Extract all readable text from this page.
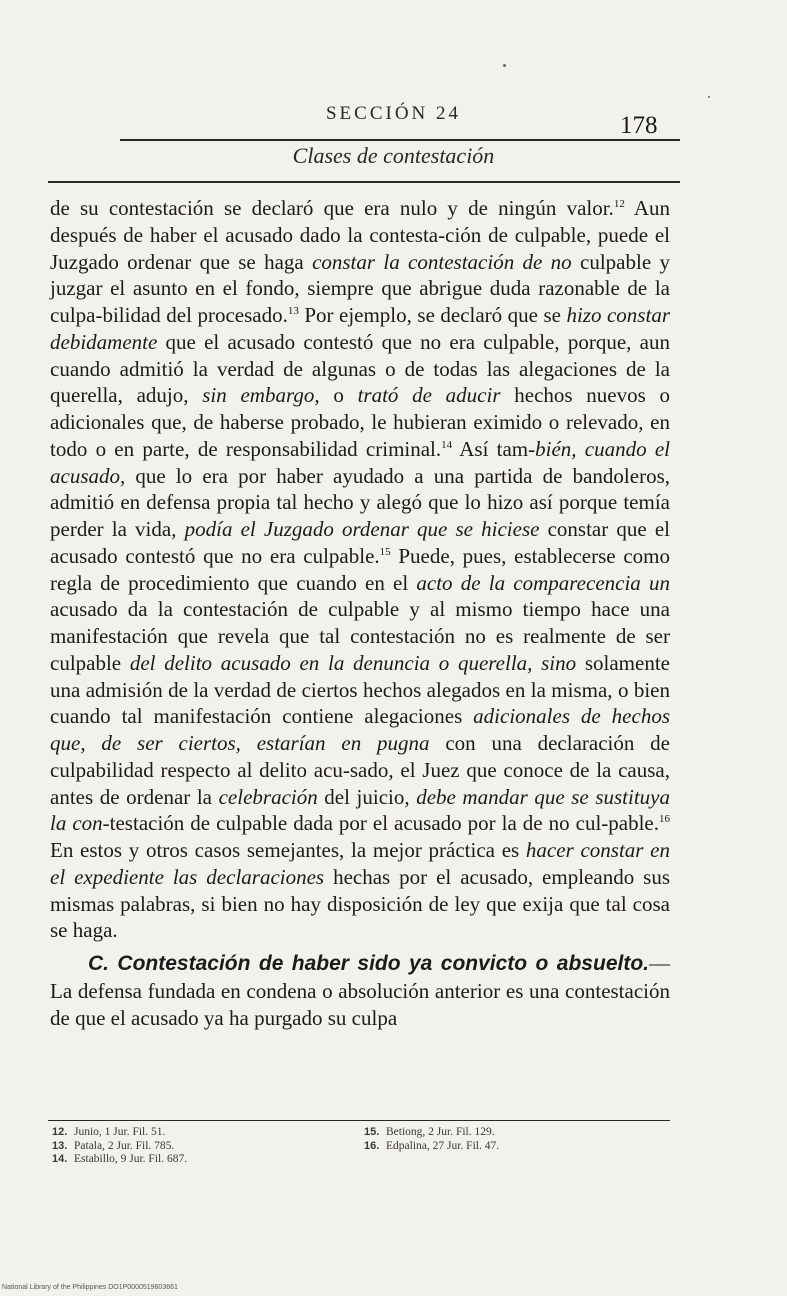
SECCIÓN 24	178
Clases de contestación

de su contestación se declaró que era nulo y de ningún valor.$^{12}$ Aun después de haber el acusado dado la contesta-ción de culpable, puede el Juzgado ordenar que se haga constar la contestación de no culpable y juzgar el asunto en el fondo, siempre que abrigue duda razonable de la culpa-bilidad del procesado.$^{13}$ Por ejemplo, se declaró que se hizo constar debidamente que el acusado contestó que no era culpable, porque, aun cuando admitió la verdad de algunas o de todas las alegaciones de la querella, adujo, sin embargo, o trató de aducir hechos nuevos o adicionales que, de haberse probado, le hubieran eximido o relevado, en todo o en parte, de responsabilidad criminal.$^{14}$ Así tam-bién, cuando el acusado, que lo era por haber ayudado a una partida de bandoleros, admitió en defensa propia tal hecho y alegó que lo hizo así porque temía perder la vida, podía el Juzgado ordenar que se hiciese constar que el acusado contestó que no era culpable.$^{15}$ Puede, pues, establecerse como regla de procedimiento que cuando en el acto de la comparecencia un acusado da la contestación de culpable y al mismo tiempo hace una manifestación que revela que tal contestación no es realmente de ser culpable del delito acusado en la denuncia o querella, sino solamente una admisión de la verdad de ciertos hechos alegados en la misma, o bien cuando tal manifestación contiene alegaciones adicionales de hechos que, de ser ciertos, estarían en pugna con una declaración de culpabilidad respecto al delito acu-sado, el Juez que conoce de la causa, antes de ordenar la celebración del juicio, debe mandar que se sustituya la con-testación de culpable dada por el acusado por la de no cul-pable.$^{16}$ En estos y otros casos semejantes, la mejor práctica es hacer constar en el expediente las declaraciones hechas por el acusado, empleando sus mismas palabras, si bien no hay disposición de ley que exija que tal cosa se haga.

C. Contestación de haber sido ya convicto o absuelto.—La defensa fundada en condena o absolución anterior es una contestación de que el acusado ya ha purgado su culpa

12. Junio, 1 Jur. Fil. 51.
13. Patala, 2 Jur. Fil. 785.
14. Estabillo, 9 Jur. Fil. 687.
15. Betiong, 2 Jur. Fil. 129.
16. Edpalina, 27 Jur. Fil. 47.
National Library of the Philippines DO1P0000519603661
